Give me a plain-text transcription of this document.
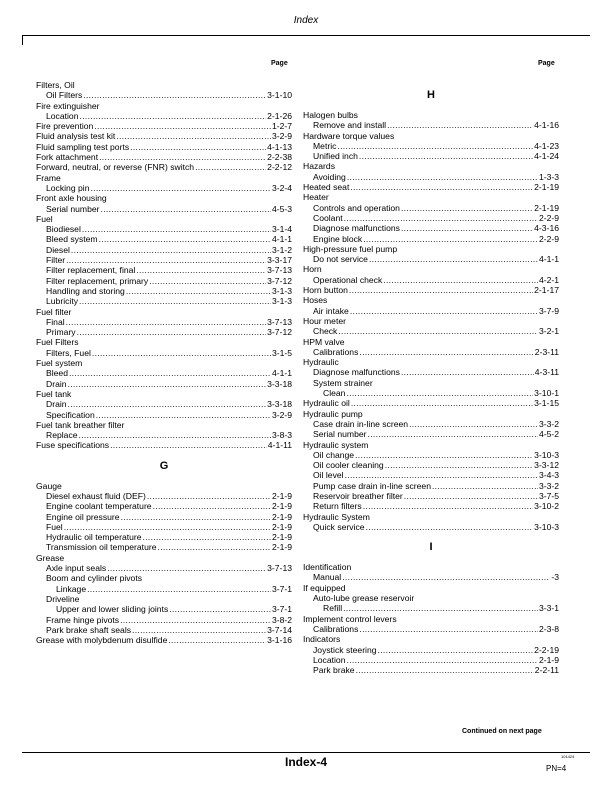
Index
Page	Page
Filters, Oil
Oil Filters .....	3-1-10
Fire extinguisher
Location .....	2-1-26
Fire prevention .....	1-2-7
Fluid analysis test kit .....	3-2-9
Fluid sampling test ports .....	4-1-13
Fork attachment .....	2-2-38
Forward, neutral, or reverse (FNR) switch .....	2-2-12
Frame
Locking pin .....	3-2-4
Front axle housing
Serial number .....	4-5-3
Fuel
Biodiesel .....	3-1-4
Bleed system .....	4-1-1
Diesel .....	3-1-2
Filter .....	3-3-17
Filter replacement, final .....	3-7-13
Filter replacement, primary .....	3-7-12
Handling and storing .....	3-1-3
Lubricity .....	3-1-3
Fuel filter
Final .....	3-7-13
Primary .....	3-7-12
Fuel Filters
Filters, Fuel .....	3-1-5
Fuel system
Bleed .....	4-1-1
Drain .....	3-3-18
Fuel tank
Drain .....	3-3-18
Specification .....	3-2-9
Fuel tank breather filter
Replace .....	3-8-3
Fuse specifications .....	4-1-11
G
Gauge
Diesel exhaust fluid (DEF) .....	2-1-9
Engine coolant temperature .....	2-1-9
Engine oil pressure .....	2-1-9
Fuel .....	2-1-9
Hydraulic oil temperature .....	2-1-9
Transmission oil temperature .....	2-1-9
Grease
Axle input seals .....	3-7-13
Boom and cylinder pivots
Linkage .....	3-7-1
Driveline
Upper and lower sliding joints .....	3-7-1
Frame hinge pivots .....	3-8-2
Park brake shaft seals .....	3-7-14
Grease with molybdenum disulfide .....	3-1-16
H
Halogen bulbs
Remove and install .....	4-1-16
Hardware torque values
Metric .....	4-1-23
Unified inch .....	4-1-24
Hazards
Avoiding .....	1-3-3
Heated seat .....	2-1-19
Heater
Controls and operation .....	2-1-19
Coolant .....	2-2-9
Diagnose malfunctions .....	4-3-16
Engine block .....	2-2-9
High-pressure fuel pump
Do not service .....	4-1-1
Horn
Operational check .....	4-2-1
Horn button .....	2-1-17
Hoses
Air intake .....	3-7-9
Hour meter
Check .....	3-2-1
HPM valve
Calibrations .....	2-3-11
Hydraulic
Diagnose malfunctions .....	4-3-11
System strainer
Clean .....	3-10-1
Hydraulic oil .....	3-1-15
Hydraulic pump
Case drain in-line screen .....	3-3-2
Serial number .....	4-5-2
Hydraulic system
Oil change .....	3-10-3
Oil cooler cleaning .....	3-3-12
Oil level .....	3-4-3
Pump case drain in-line screen .....	3-3-2
Reservoir breather filter .....	3-7-5
Return filters .....	3-10-2
Hydraulic System
Quick service .....	3-10-3
I
Identification
Manual .....	-3
If equipped
Auto-lube grease reservoir
Refill .....	3-3-1
Implement control levers
Calibrations .....	2-3-8
Indicators
Joystick steering .....	2-2-19
Location .....	2-1-9
Park brake .....	2-2-11
Continued on next page
Index-4	101424
PN=4
